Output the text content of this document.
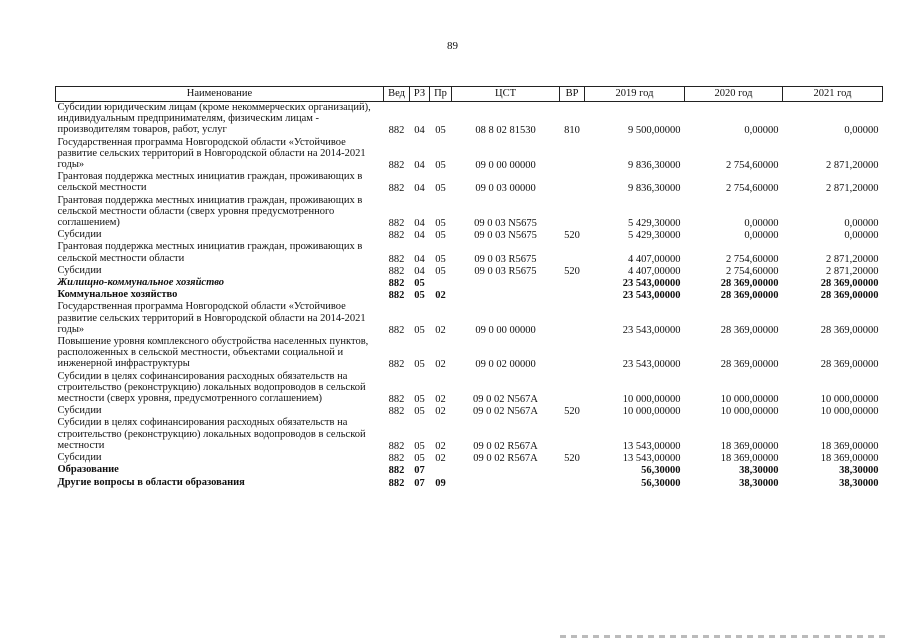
89
Наименование	Вед	РЗ	Пр	ЦСТ	ВР	2019 год	2020 год	2021 год
Субсидии юридическим лицам (кроме некоммерческих организаций), индивидуальным предпринимателям, физическим лицам - производителям товаров, работ, услуг	882	04	05	08 8 02 81530	810	9 500,00000	0,00000	0,00000
Государственная программа Новгородской области «Устойчивое развитие сельских территорий в Новгородской области на 2014-2021 годы»	882	04	05	09 0 00 00000		9 836,30000	2 754,60000	2 871,20000
Грантовая поддержка местных инициатив граждан, проживающих в сельской местности	882	04	05	09 0 03 00000		9 836,30000	2 754,60000	2 871,20000
Грантовая поддержка местных инициатив граждан, проживающих в сельской местности области (сверх уровня предусмотренного соглашением)	882	04	05	09 0 03 N5675		5 429,30000	0,00000	0,00000
Субсидии	882	04	05	09 0 03 N5675	520	5 429,30000	0,00000	0,00000
Грантовая поддержка местных инициатив граждан, проживающих в сельской местности области	882	04	05	09 0 03 R5675		4 407,00000	2 754,60000	2 871,20000
Субсидии	882	04	05	09 0 03 R5675	520	4 407,00000	2 754,60000	2 871,20000
Жилищно-коммунальное хозяйство	882	05				23 543,00000	28 369,00000	28 369,00000
Коммунальное хозяйство	882	05	02			23 543,00000	28 369,00000	28 369,00000
Государственная программа Новгородской области «Устойчивое развитие сельских территорий в Новгородской области на 2014-2021 годы»	882	05	02	09 0 00 00000		23 543,00000	28 369,00000	28 369,00000
Повышение уровня комплексного обустройства населенных пунктов, расположенных в сельской местности, объектами социальной и инженерной инфраструктуры	882	05	02	09 0 02 00000		23 543,00000	28 369,00000	28 369,00000
Субсидии в целях софинансирования расходных обязательств на строительство (реконструкцию) локальных водопроводов в сельской местности (сверх уровня, предусмотренного соглашением)	882	05	02	09 0 02 N567A		10 000,00000	10 000,00000	10 000,00000
Субсидии	882	05	02	09 0 02 N567A	520	10 000,00000	10 000,00000	10 000,00000
Субсидии в целях софинансирования расходных обязательств на строительство (реконструкцию) локальных водопроводов в сельской местности	882	05	02	09 0 02 R567A		13 543,00000	18 369,00000	18 369,00000
Субсидии	882	05	02	09 0 02 R567A	520	13 543,00000	18 369,00000	18 369,00000
Образование	882	07				56,30000	38,30000	38,30000
Другие вопросы в области образования	882	07	09			56,30000	38,30000	38,30000
